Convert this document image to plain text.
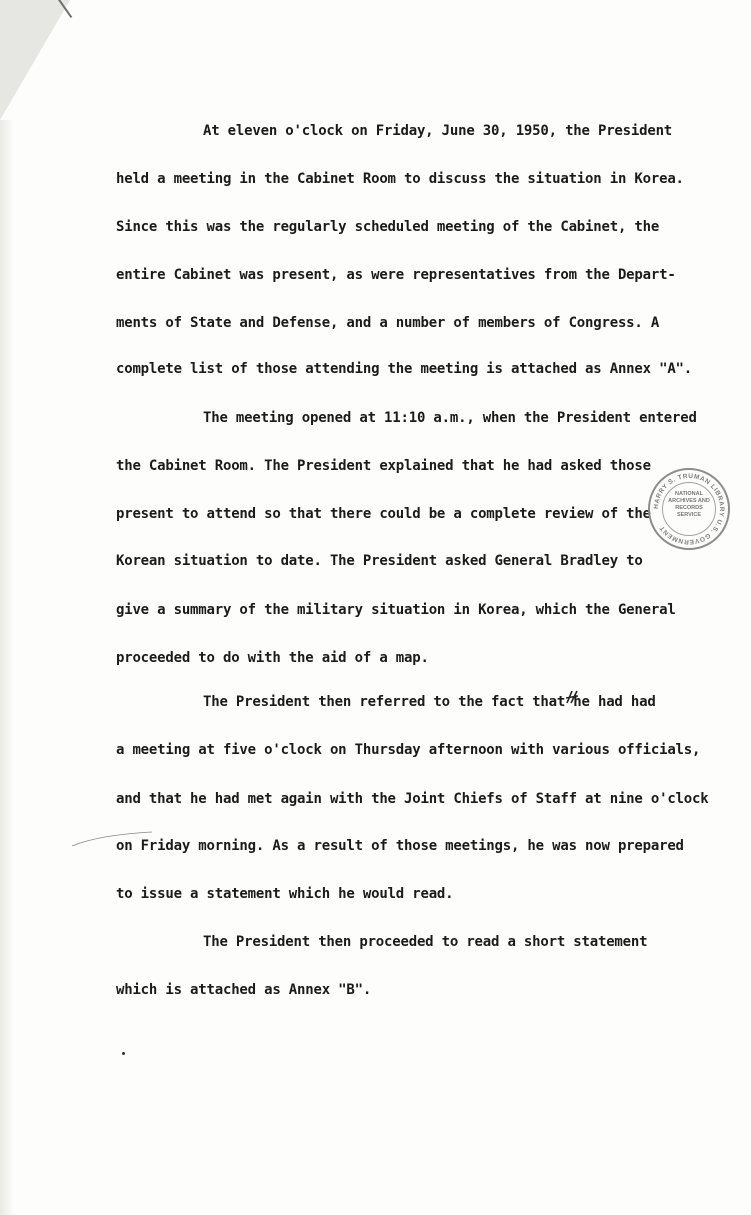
At eleven o'clock on Friday, June 30, 1950, the President
held a meeting in the Cabinet Room to discuss the situation in Korea.
Since this was the regularly scheduled meeting of the Cabinet, the
entire Cabinet was present, as were representatives from the Depart-
ments of State and Defense, and a number of members of Congress. A
complete list of those attending the meeting is attached as Annex "A".
The meeting opened at 11:10 a.m., when the President entered
the Cabinet Room. The President explained that he had asked those
present to attend so that there could be a complete review of the
Korean situation to date. The President asked General Bradley to
give a summary of the military situation in Korea, which the General
proceeded to do with the aid of a map.
The President then referred to the fact that he had had
a meeting at five o'clock on Thursday afternoon with various officials,
and that he had met again with the Joint Chiefs of Staff at nine o'clock
on Friday morning. As a result of those meetings, he was now prepared
to issue a statement which he would read.
The President then proceeded to read a short statement
which is attached as Annex "B".
HARRY S. TRUMAN LIBRARY U.S. GOVERNMENT
NATIONAL
ARCHIVES AND
RECORDS
SERVICE
